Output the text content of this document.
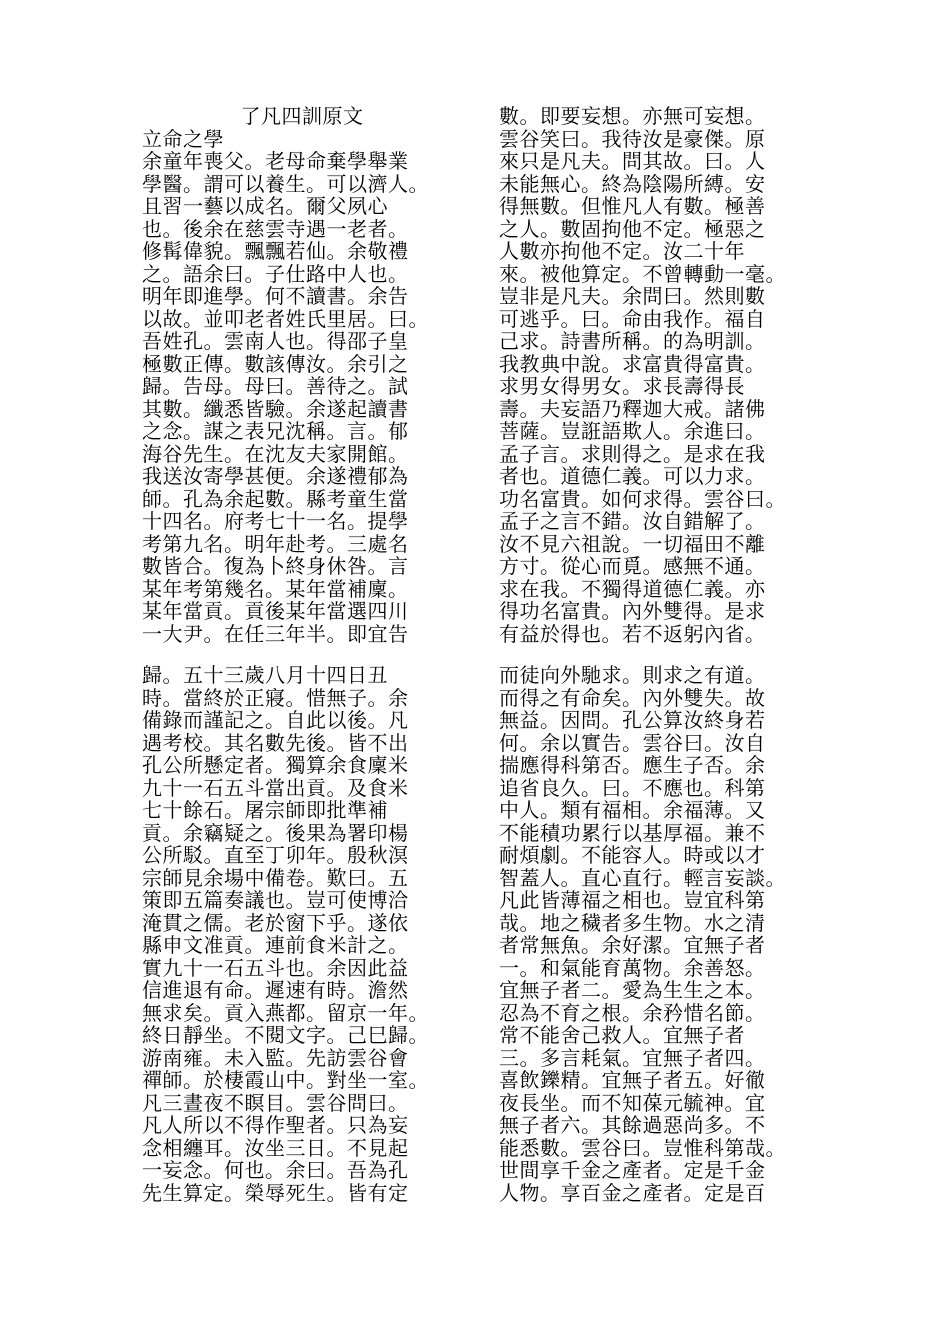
了凡四訓原文
立命之學
余童年喪父。老母命棄學舉業
學醫。謂可以養生。可以濟人。
且習一藝以成名。爾父夙心
也。後余在慈雲寺遇一老者。
修髯偉貌。飄飄若仙。余敬禮
之。語余曰。子仕路中人也。
明年即進學。何不讀書。余告
以故。並叩老者姓氏里居。曰。
吾姓孔。雲南人也。得邵子皇
極數正傳。數該傳汝。余引之
歸。告母。母曰。善待之。試
其數。纖悉皆驗。余遂起讀書
之念。謀之表兄沈稱。言。郁
海谷先生。在沈友夫家開館。
我送汝寄學甚便。余遂禮郁為
師。孔為余起數。縣考童生當
十四名。府考七十一名。提學
考第九名。明年赴考。三處名
數皆合。復為卜終身休咎。言
某年考第幾名。某年當補廩。
某年當貢。貢後某年當選四川
一大尹。在任三年半。即宜告
數。即要妄想。亦無可妄想。
雲谷笑曰。我待汝是豪傑。原
來只是凡夫。問其故。曰。人
未能無心。終為陰陽所縛。安
得無數。但惟凡人有數。極善
之人。數固拘他不定。極惡之
人數亦拘他不定。汝二十年
來。被他算定。不曾轉動一毫。
豈非是凡夫。余問曰。然則數
可逃乎。曰。命由我作。福自
己求。詩書所稱。的為明訓。
我教典中說。求富貴得富貴。
求男女得男女。求長壽得長
壽。夫妄語乃釋迦大戒。諸佛
菩薩。豈誑語欺人。余進曰。
孟子言。求則得之。是求在我
者也。道德仁義。可以力求。
功名富貴。如何求得。雲谷曰。
孟子之言不錯。汝自錯解了。
汝不見六祖說。一切福田不離
方寸。從心而覓。感無不通。
求在我。不獨得道德仁義。亦
得功名富貴。內外雙得。是求
有益於得也。若不返躬內省。
歸。五十三歲八月十四日丑
時。當終於正寢。惜無子。余
備錄而謹記之。自此以後。凡
遇考校。其名數先後。皆不出
孔公所懸定者。獨算余食廩米
九十一石五斗當出貢。及食米
七十餘石。屠宗師即批準補
貢。余竊疑之。後果為署印楊
公所駁。直至丁卯年。殷秋溟
宗師見余場中備卷。歎曰。五
策即五篇奏議也。豈可使博洽
淹貫之儒。老於窗下乎。遂依
縣申文准貢。連前食米計之。
實九十一石五斗也。余因此益
信進退有命。遲速有時。澹然
無求矣。貢入燕都。留京一年。
終日靜坐。不閱文字。己巳歸。
游南雍。未入監。先訪雲谷會
禪師。於棲霞山中。對坐一室。
凡三晝夜不瞑目。雲谷問曰。
凡人所以不得作聖者。只為妄
念相纏耳。汝坐三日。不見起
一妄念。何也。余曰。吾為孔
先生算定。榮辱死生。皆有定
而徒向外馳求。則求之有道。
而得之有命矣。內外雙失。故
無益。因問。孔公算汝終身若
何。余以實告。雲谷曰。汝自
揣應得科第否。應生子否。余
追省良久。曰。不應也。科第
中人。類有福相。余福薄。又
不能積功累行以基厚福。兼不
耐煩劇。不能容人。時或以才
智蓋人。直心直行。輕言妄談。
凡此皆薄福之相也。豈宜科第
哉。地之穢者多生物。水之清
者常無魚。余好潔。宜無子者
一。和氣能育萬物。余善怒。
宜無子者二。愛為生生之本。
忍為不育之根。余矜惜名節。
常不能舍己救人。宜無子者
三。多言耗氣。宜無子者四。
喜飲鑠精。宜無子者五。好徹
夜長坐。而不知葆元毓神。宜
無子者六。其餘過惡尚多。不
能悉數。雲谷曰。豈惟科第哉。
世間享千金之產者。定是千金
人物。享百金之產者。定是百
